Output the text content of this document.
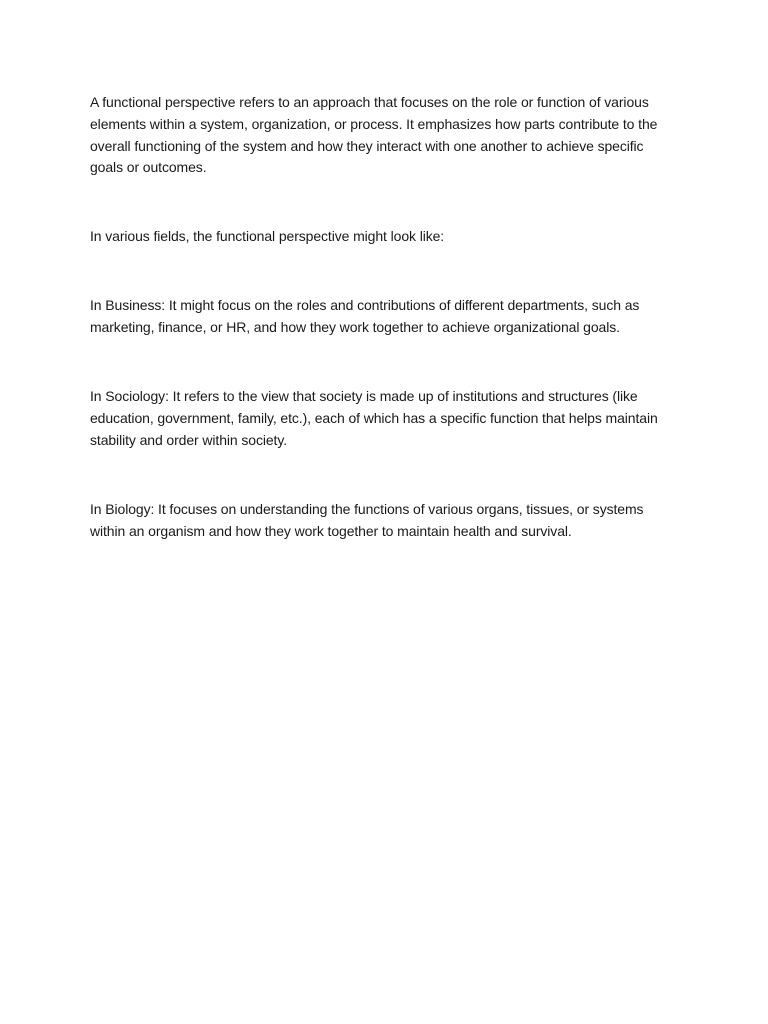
A functional perspective refers to an approach that focuses on the role or function of various elements within a system, organization, or process. It emphasizes how parts contribute to the overall functioning of the system and how they interact with one another to achieve specific goals or outcomes.

In various fields, the functional perspective might look like:

In Business: It might focus on the roles and contributions of different departments, such as marketing, finance, or HR, and how they work together to achieve organizational goals.

In Sociology: It refers to the view that society is made up of institutions and structures (like education, government, family, etc.), each of which has a specific function that helps maintain stability and order within society.

In Biology: It focuses on understanding the functions of various organs, tissues, or systems within an organism and how they work together to maintain health and survival.
